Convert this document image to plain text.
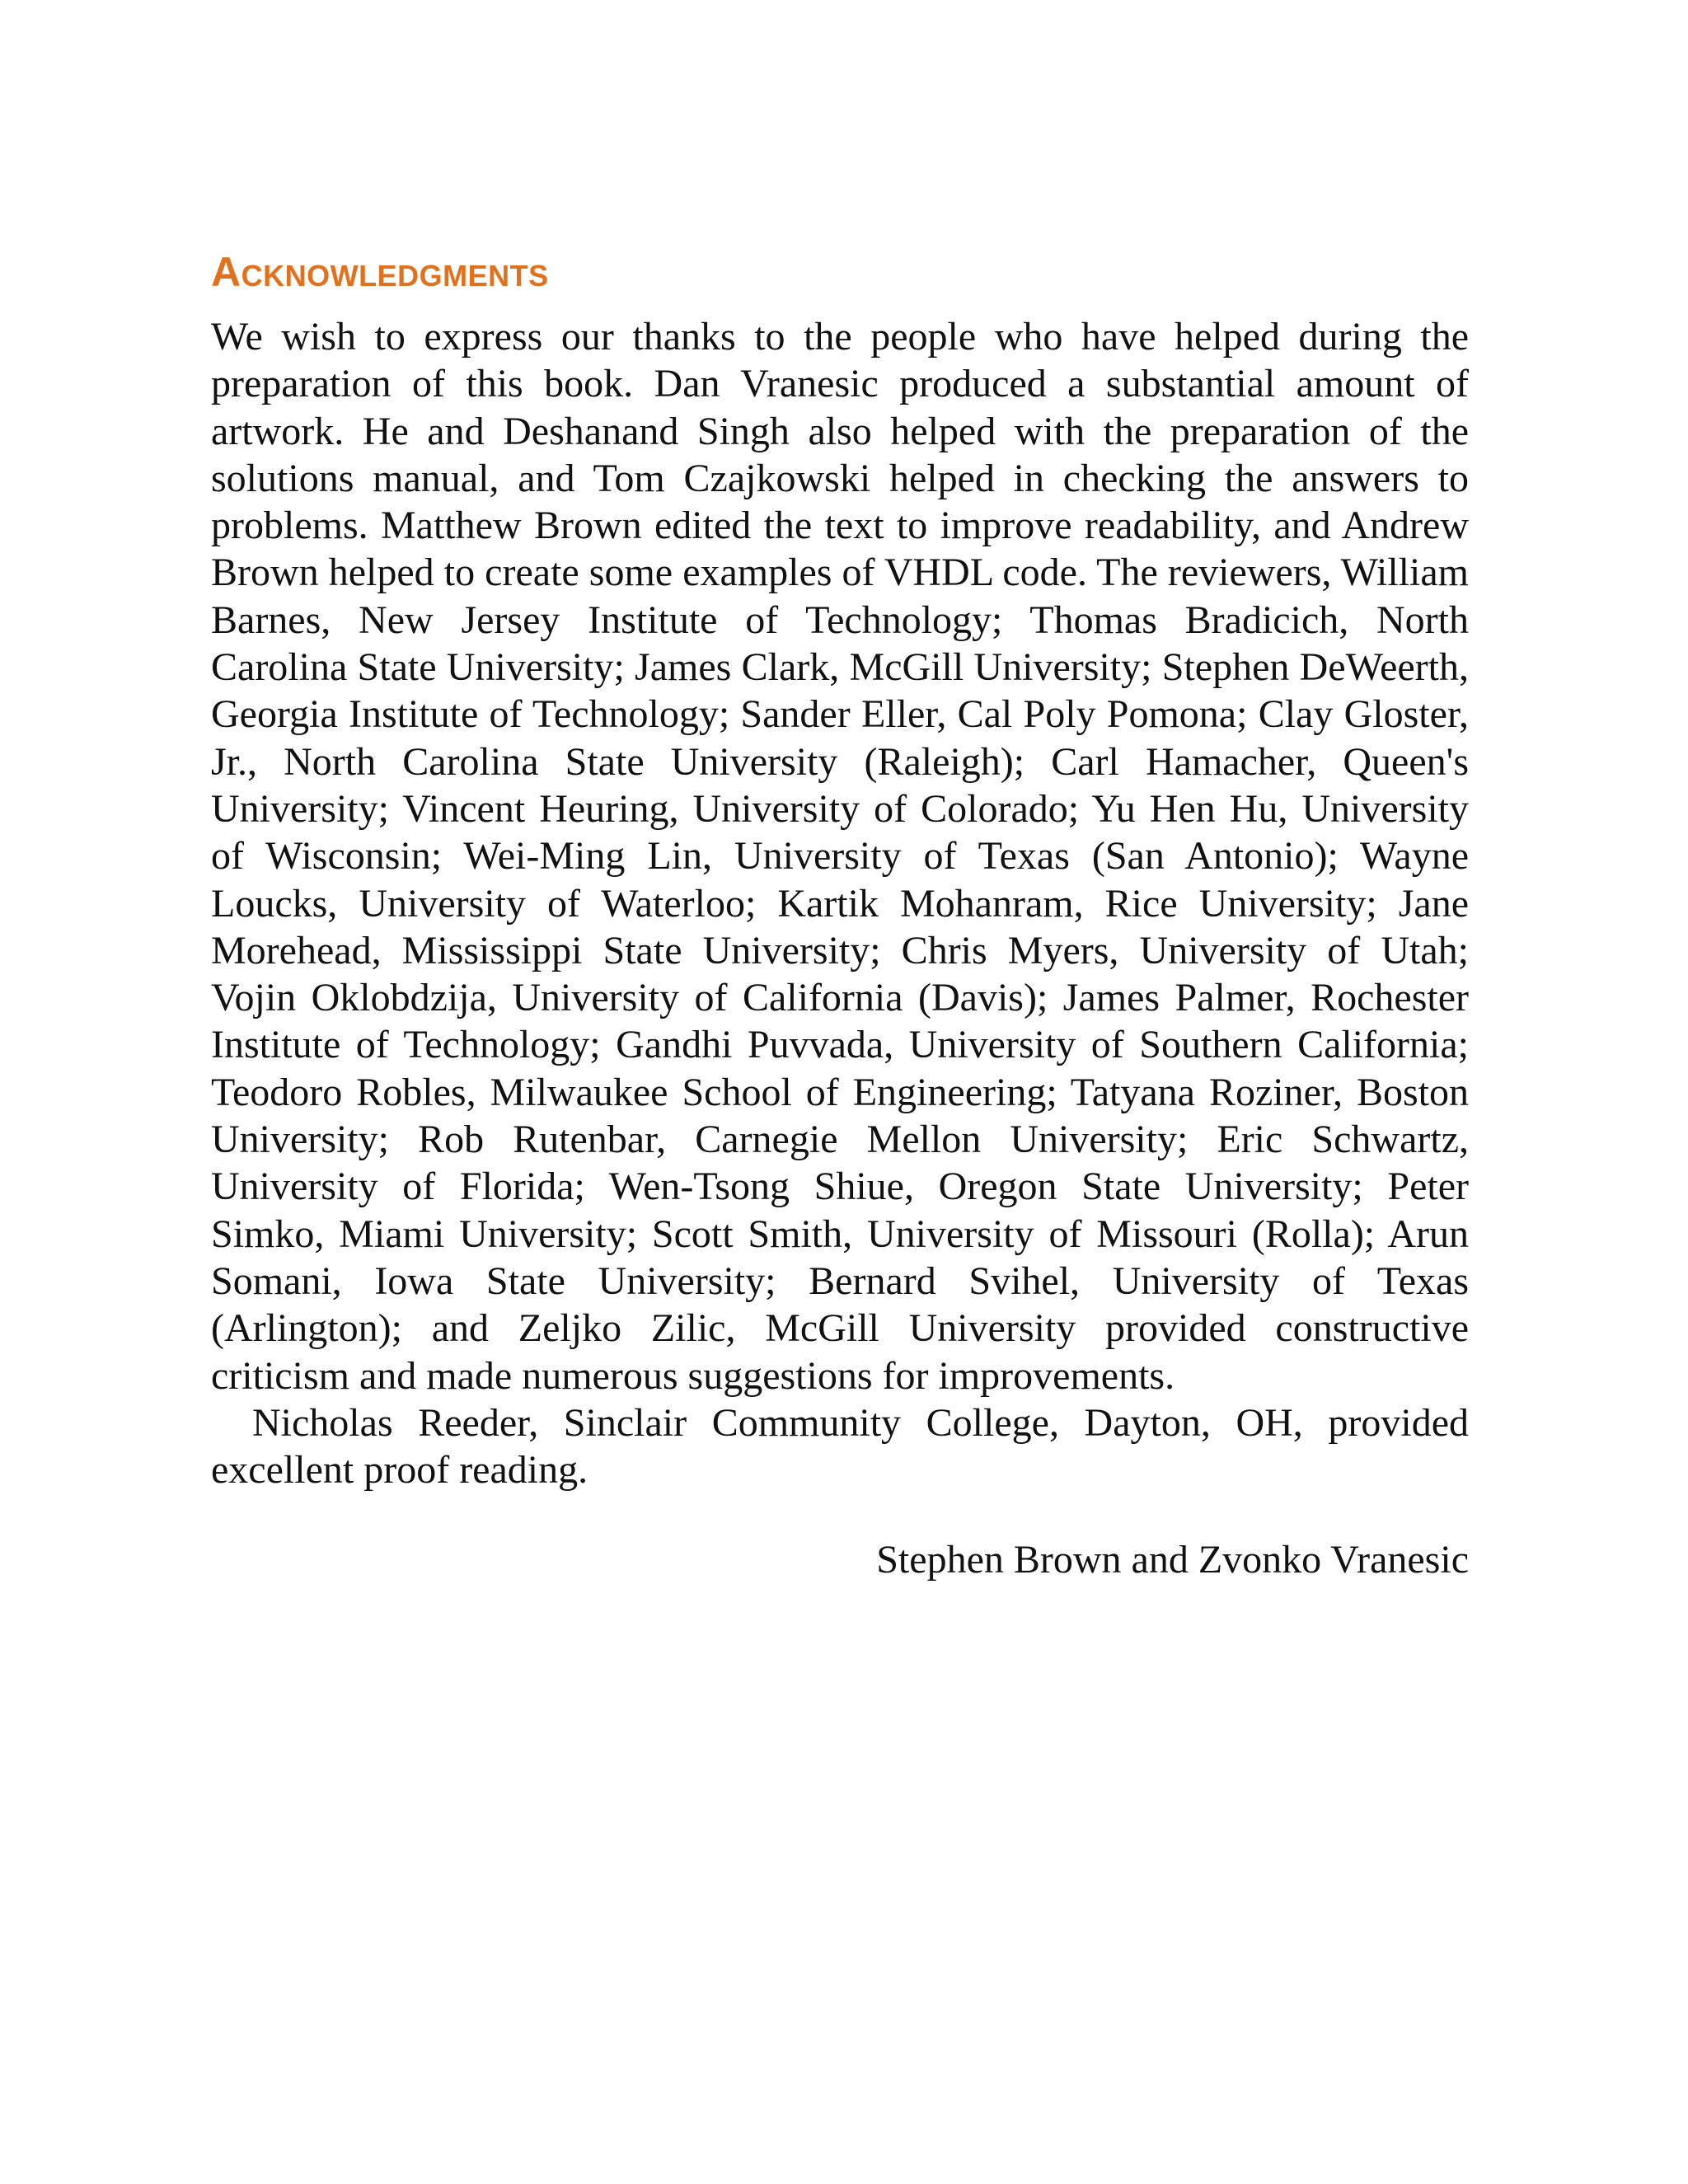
ACKNOWLEDGMENTS

We wish to express our thanks to the people who have helped during the preparation of this book. Dan Vranesic produced a substantial amount of artwork. He and Deshanand Singh also helped with the preparation of the solutions manual, and Tom Czajkowski helped in checking the answers to problems. Matthew Brown edited the text to improve readability, and Andrew Brown helped to create some examples of VHDL code. The reviewers, William Barnes, New Jersey Institute of Technology; Thomas Bradicich, North Carolina State University; James Clark, McGill University; Stephen DeWeerth, Georgia Institute of Technology; Sander Eller, Cal Poly Pomona; Clay Gloster, Jr., North Carolina State University (Raleigh); Carl Hamacher, Queen's University; Vincent Heuring, University of Colorado; Yu Hen Hu, University of Wisconsin; Wei-Ming Lin, University of Texas (San Antonio); Wayne Loucks, University of Waterloo; Kartik Mohanram, Rice University; Jane Morehead, Mississippi State University; Chris Myers, University of Utah; Vojin Oklobdzija, University of California (Davis); James Palmer, Rochester Institute of Technology; Gandhi Puvvada, University of Southern California; Teodoro Robles, Milwaukee School of Engineering; Tatyana Roziner, Boston University; Rob Rutenbar, Carnegie Mellon University; Eric Schwartz, University of Florida; Wen-Tsong Shiue, Oregon State University; Peter Simko, Miami University; Scott Smith, University of Missouri (Rolla); Arun Somani, Iowa State University; Bernard Svihel, University of Texas (Arlington); and Zeljko Zilic, McGill University provided constructive criticism and made numerous suggestions for improvements.

Nicholas Reeder, Sinclair Community College, Dayton, OH, provided excellent proof reading.

Stephen Brown and Zvonko Vranesic
